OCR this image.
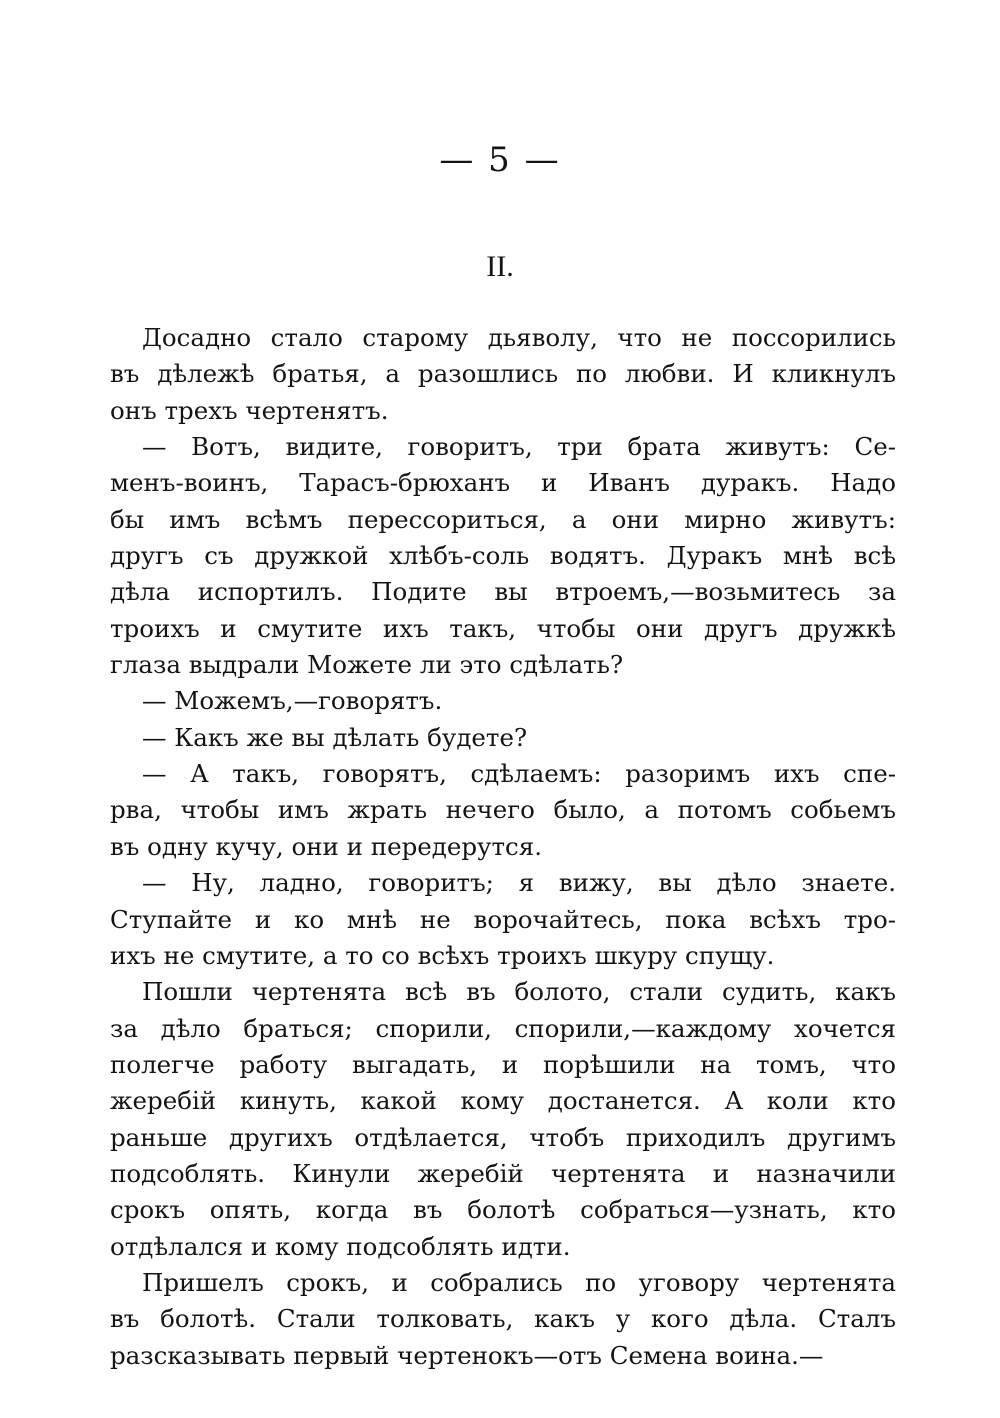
— 5 —
II.
Досадно стало старому дьяволу, что не поссорились
въ дѣлежѣ братья, а разошлись по любви. И кликнулъ
онъ трехъ чертенятъ.
— Вотъ, видите, говоритъ, три брата живутъ: Се-
менъ-воинъ, Тарасъ-брюханъ и Иванъ дуракъ. Надо
бы имъ всѣмъ перессориться, а они мирно живутъ:
другъ съ дружкой хлѣбъ-соль водятъ. Дуракъ мнѣ всѣ
дѣла испортилъ. Подите вы втроемъ,—возьмитесь за
троихъ и смутите ихъ такъ, чтобы они другъ дружкѣ
глаза выдрали Можете ли это сдѣлать?
— Можемъ,—говорятъ.
— Какъ же вы дѣлать будете?
— А такъ, говорятъ, сдѣлаемъ: разоримъ ихъ спе-
рва, чтобы имъ жрать нечего было, а потомъ собьемъ
въ одну кучу, они и передерутся.
— Ну, ладно, говоритъ; я вижу, вы дѣло знаете.
Ступайте и ко мнѣ не ворочайтесь, пока всѣхъ тро-
ихъ не смутите, а то со всѣхъ троихъ шкуру спущу.
Пошли чертенята всѣ въ болото, стали судить, какъ
за дѣло браться; спорили, спорили,—каждому хочется
полегче работу выгадать, и порѣшили на томъ, что
жеребій кинуть, какой кому достанется. А коли кто
раньше другихъ отдѣлается, чтобъ приходилъ другимъ
подсоблять. Кинули жеребій чертенята и назначили
срокъ опять, когда въ болотѣ собраться—узнать, кто
отдѣлался и кому подсоблять идти.
Пришелъ срокъ, и собрались по уговору чертенята
въ болотѣ. Стали толковать, какъ у кого дѣла. Сталъ
разсказывать первый чертенокъ—отъ Семена воина.—
